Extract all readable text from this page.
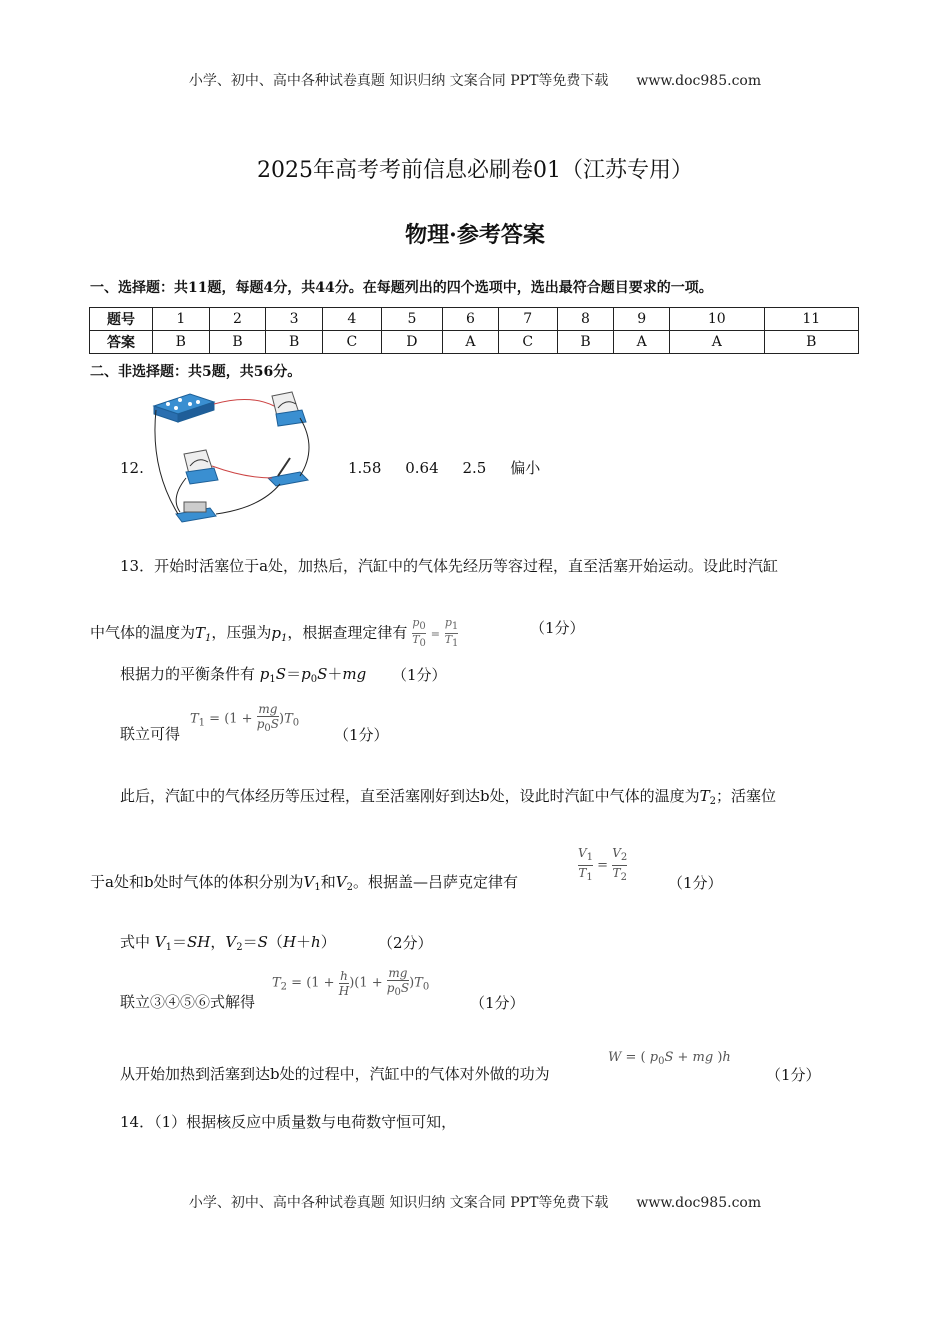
小学、初中、高中各种试卷真题 知识归纳 文案合同 PPT等免费下载 www.doc985.com
2025年高考考前信息必刷卷01（江苏专用）
物理·参考答案
一、选择题：共11题，每题4分，共44分。在每题列出的四个选项中，选出最符合题目要求的一项。
题号	1	2	3	4	5	6	7	8	9	10	11
答案	B	B	B	C	D	A	C	B	A	A	B
二、非选择题：共5题，共56分。
12.	1.58 0.64 2.5 偏小
13．开始时活塞位于a处，加热后，汽缸中的气体先经历等容过程，直至活塞开始运动。设此时汽缸
中气体的温度为$T_1$，压强为$p_1$，根据查理定律有 $\frac{p_0}{T_0} = \frac{p_1}{T_1}$	（1分）
根据力的平衡条件有 $p_1S=p_0S+mg$ （1分）
联立可得
$T_1 = (1 + \frac{mg}{p_0S} )T_0$
（1分）
此后，汽缸中的气体经历等压过程，直至活塞刚好到达b处，设此时汽缸中气体的温度为$T_2$；活塞位
于a处和b处时气体的体积分别为$V_1$和$V_2$。根据盖—吕萨克定律有	$\frac{V_1}{T_1} = \frac{V_2}{T_2}$	（1分）
式中 $V_1=SH$，$V_2=S(H+h)$	（2分）
联立③④⑤⑥式解得
$T_2 = (1 + \frac{h}{H} )(1 + \frac{mg}{p_0S} )T_0$
（1分）
从开始加热到活塞到达b处的过程中，汽缸中的气体对外做的功为
W = ( $p_0S$ + mg )h
（1分）
14．（1）根据核反应中质量数与电荷数守恒可知，
小学、初中、高中各种试卷真题 知识归纳 文案合同 PPT等免费下载 www.doc985.com
